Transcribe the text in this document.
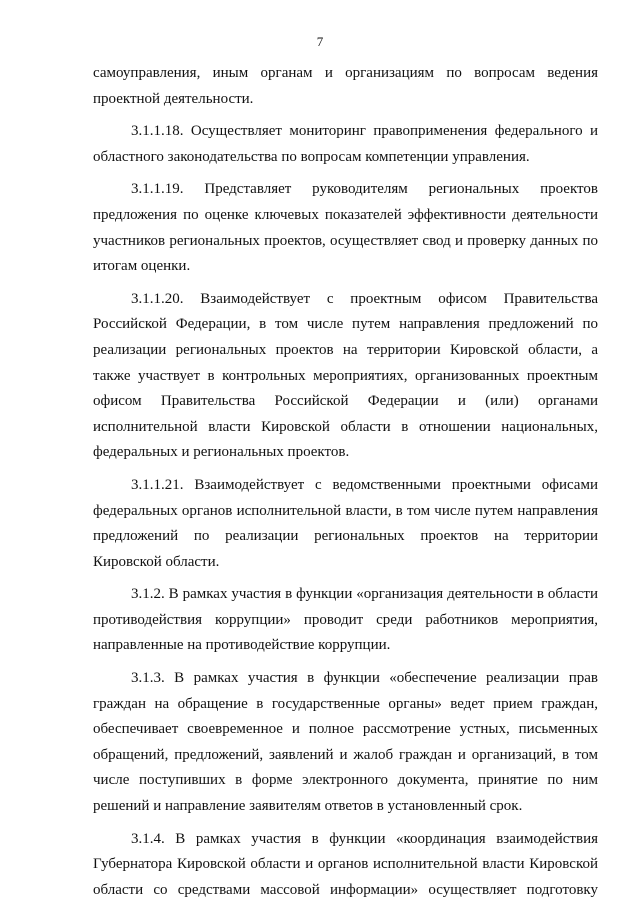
7

самоуправления, иным органам и организациям по вопросам ведения проектной деятельности.

3.1.1.18. Осуществляет мониторинг правоприменения федерального и областного законодательства по вопросам компетенции управления.

3.1.1.19. Представляет руководителям региональных проектов предложения по оценке ключевых показателей эффективности деятельности участников региональных проектов, осуществляет свод и проверку данных по итогам оценки.

3.1.1.20. Взаимодействует с проектным офисом Правительства Российской Федерации, в том числе путем направления предложений по реализации региональных проектов на территории Кировской области, а также участвует в контрольных мероприятиях, организованных проектным офисом Правительства Российской Федерации и (или) органами исполнительной власти Кировской области в отношении национальных, федеральных и региональных проектов.

3.1.1.21. Взаимодействует с ведомственными проектными офисами федеральных органов исполнительной власти, в том числе путем направления предложений по реализации региональных проектов на территории Кировской области.

3.1.2. В рамках участия в функции «организация деятельности в области противодействия коррупции» проводит среди работников мероприятия, направленные на противодействие коррупции.

3.1.3. В рамках участия в функции «обеспечение реализации прав граждан на обращение в государственные органы» ведет прием граждан, обеспечивает своевременное и полное рассмотрение устных, письменных обращений, предложений, заявлений и жалоб граждан и организаций, в том числе поступивших в форме электронного документа, принятие по ним решений и направление заявителям ответов в установленный срок.

3.1.4. В рамках участия в функции «координация взаимодействия Губернатора Кировской области и органов исполнительной власти Кировской области со средствами массовой информации» осуществляет подготовку
